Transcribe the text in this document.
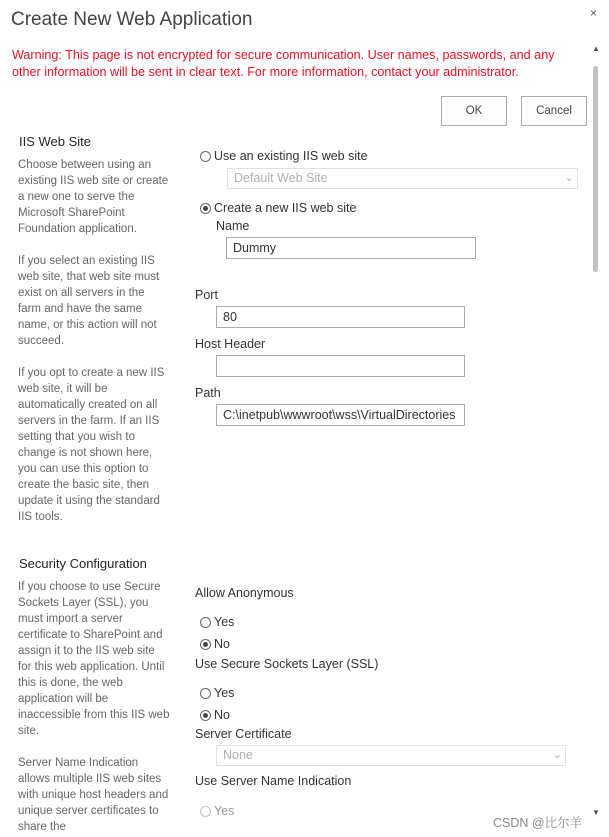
Create New Web Application	×
Warning: This page is not encrypted for secure communication. User names, passwords, and any other information will be sent in clear text. For more information, contact your administrator.
OK	Cancel
IIS Web Site
Choose between using an existing IIS web site or create a new one to serve the Microsoft SharePoint Foundation application.
If you select an existing IIS web site, that web site must exist on all servers in the farm and have the same name, or this action will not succeed.
If you opt to create a new IIS web site, it will be automatically created on all servers in the farm. If an IIS setting that you wish to change is not shown here, you can use this option to create the basic site, then update it using the standard IIS tools.
Use an existing IIS web site
Default Web Site	⌄
Create a new IIS web site
Name
Dummy
Port
80
Host Header
Path
C:\inetpub\wwwroot\wss\VirtualDirectories
Security Configuration
If you choose to use Secure Sockets Layer (SSL), you must import a server certificate to SharePoint and assign it to the IIS web site for this web application. Until this is done, the web application will be inaccessible from this IIS web site.
Server Name Indication allows multiple IIS web sites with unique host headers and unique server certificates to share the
Allow Anonymous
Yes
No
Use Secure Sockets Layer (SSL)
Yes
No
Server Certificate
None	⌄
Use Server Name Indication
Yes
▲
▼
CSDN @比尔羊
